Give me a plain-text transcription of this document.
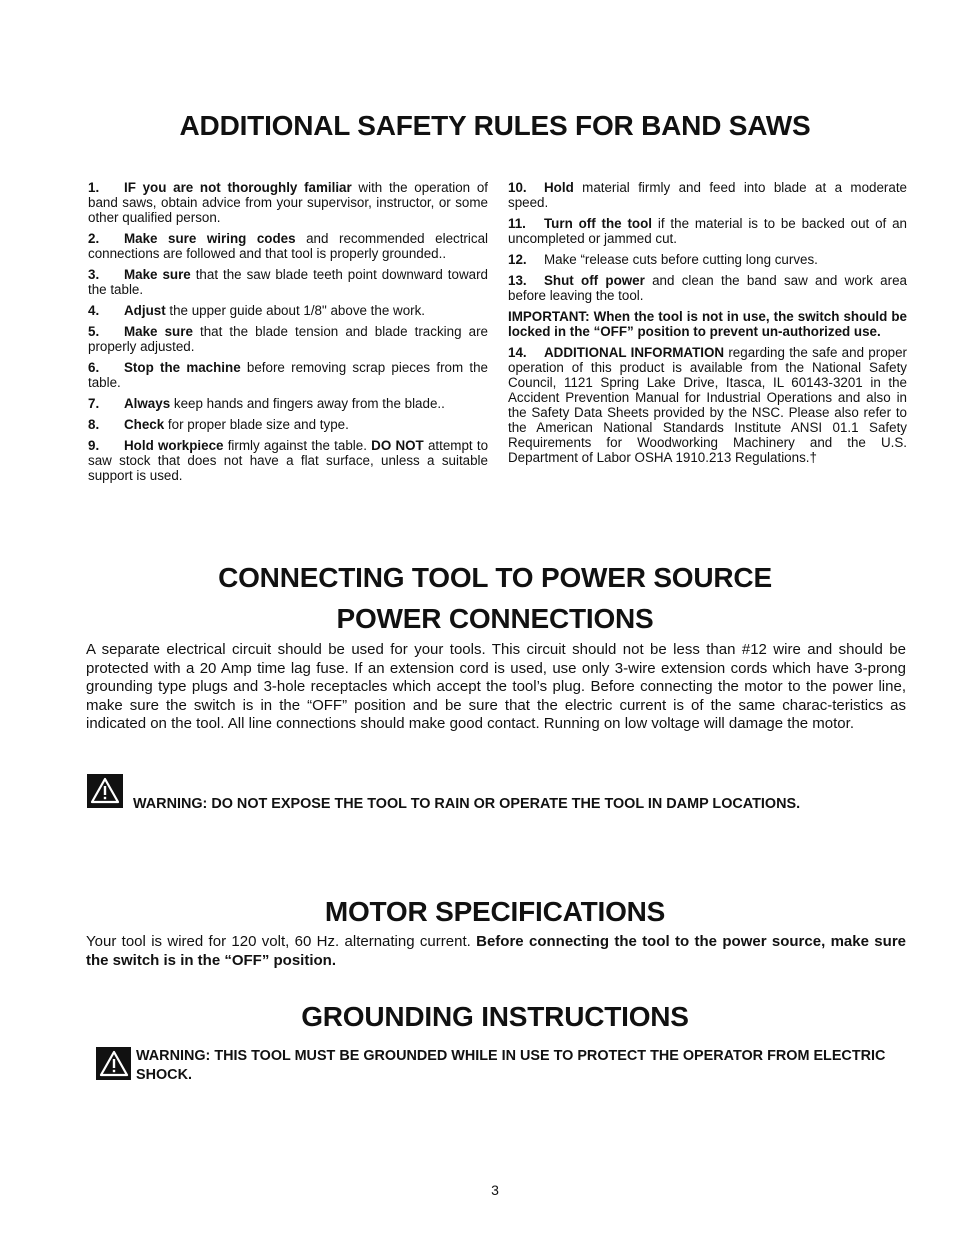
ADDITIONAL SAFETY RULES FOR BAND SAWS
1. IF you are not thoroughly familiar with the operation of band saws, obtain advice from your supervisor, instructor, or some other qualified person.
2. Make sure wiring codes and recommended electrical connections are followed and that tool is properly grounded..
3. Make sure that the saw blade teeth point downward toward the table.
4. Adjust the upper guide about 1/8" above the work.
5. Make sure that the blade tension and blade tracking are properly adjusted.
6. Stop the machine before removing scrap pieces from the table.
7. Always keep hands and fingers away from the blade..
8. Check for proper blade size and type.
9. Hold workpiece firmly against the table. DO NOT attempt to saw stock that does not have a flat surface, unless a suitable support is used.
10. Hold material firmly and feed into blade at a moderate speed.
11. Turn off the tool if the material is to be backed out of an uncompleted or jammed cut.
12. Make “release cuts before cutting long curves.
13. Shut off power and clean the band saw and work area before leaving the tool.
IMPORTANT: When the tool is not in use, the switch should be locked in the “OFF” position to prevent un-authorized use.
14. ADDITIONAL INFORMATION regarding the safe and proper operation of this product is available from the National Safety Council, 1121 Spring Lake Drive, Itasca, IL 60143-3201 in the Accident Prevention Manual for Industrial Operations and also in the Safety Data Sheets provided by the NSC. Please also refer to the American National Standards Institute ANSI 01.1 Safety Requirements for Woodworking Machinery and the U.S. Department of Labor OSHA 1910.213 Regulations.†
CONNECTING TOOL TO POWER SOURCE
POWER CONNECTIONS

A separate electrical circuit should be used for your tools. This circuit should not be less than #12 wire and should be protected with a 20 Amp time lag fuse. If an extension cord is used, use only 3-wire extension cords which have 3-prong grounding type plugs and 3-hole receptacles which accept the tool’s plug. Before connecting the motor to the power line, make sure the switch is in the “OFF” position and be sure that the electric current is of the same charac-teristics as indicated on the tool. All line connections should make good contact. Running on low voltage will damage the motor.

WARNING: DO NOT EXPOSE THE TOOL TO RAIN OR OPERATE THE TOOL IN DAMP LOCATIONS.
MOTOR SPECIFICATIONS

Your tool is wired for 120 volt, 60 Hz. alternating current. Before connecting the tool to the power source, make sure the switch is in the “OFF” position.

GROUNDING INSTRUCTIONS
WARNING: THIS TOOL MUST BE GROUNDED WHILE IN USE TO PROTECT THE OPERATOR FROM ELECTRIC SHOCK.
3
